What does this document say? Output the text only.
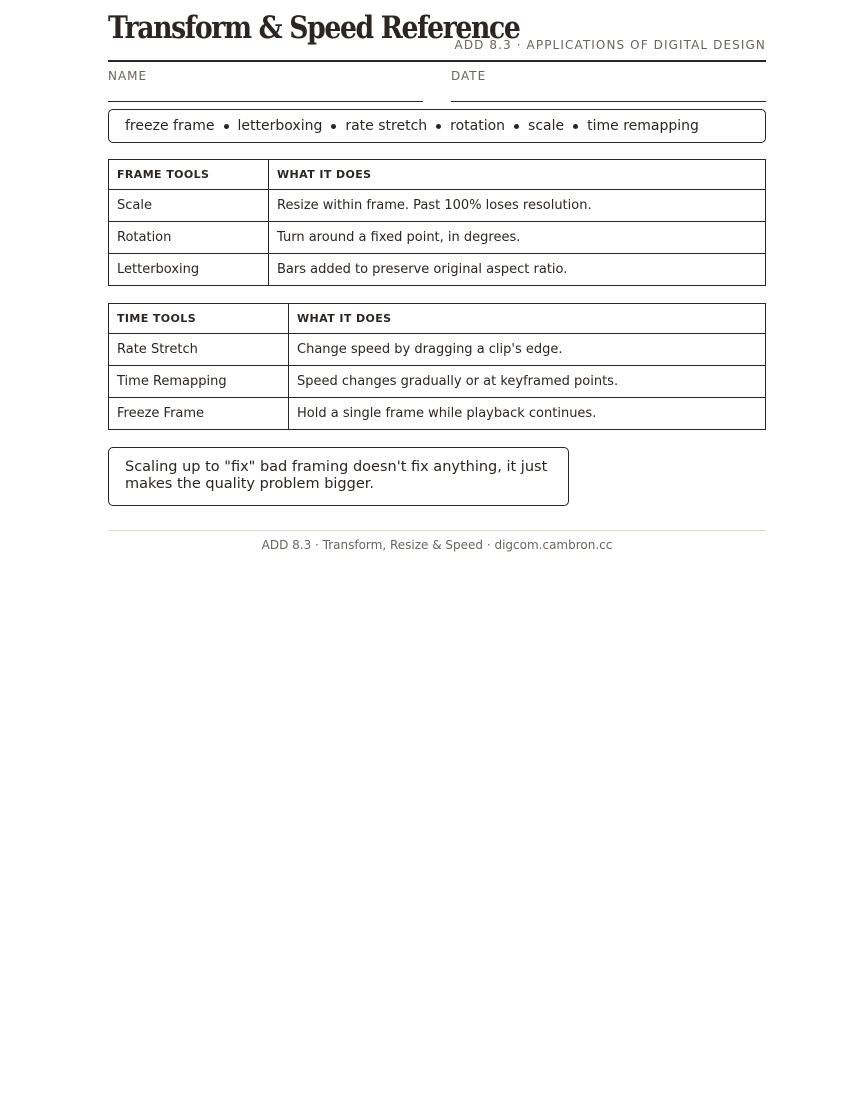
Transform & Speed Reference
ADD 8.3 · APPLICATIONS OF DIGITAL DESIGN
NAME	DATE
freeze frame letterboxing rate stretch rotation scale time remapping
FRAME TOOLS	WHAT IT DOES
Scale	Resize within frame. Past 100% loses resolution.
Rotation	Turn around a fixed point, in degrees.
Letterboxing	Bars added to preserve original aspect ratio.
TIME TOOLS	WHAT IT DOES
Rate Stretch	Change speed by dragging a clip's edge.
Time Remapping	Speed changes gradually or at keyframed points.
Freeze Frame	Hold a single frame while playback continues.
Scaling up to "fix" bad framing doesn't fix anything, it just makes the quality problem bigger.
ADD 8.3 · Transform, Resize & Speed · digcom.cambron.cc
